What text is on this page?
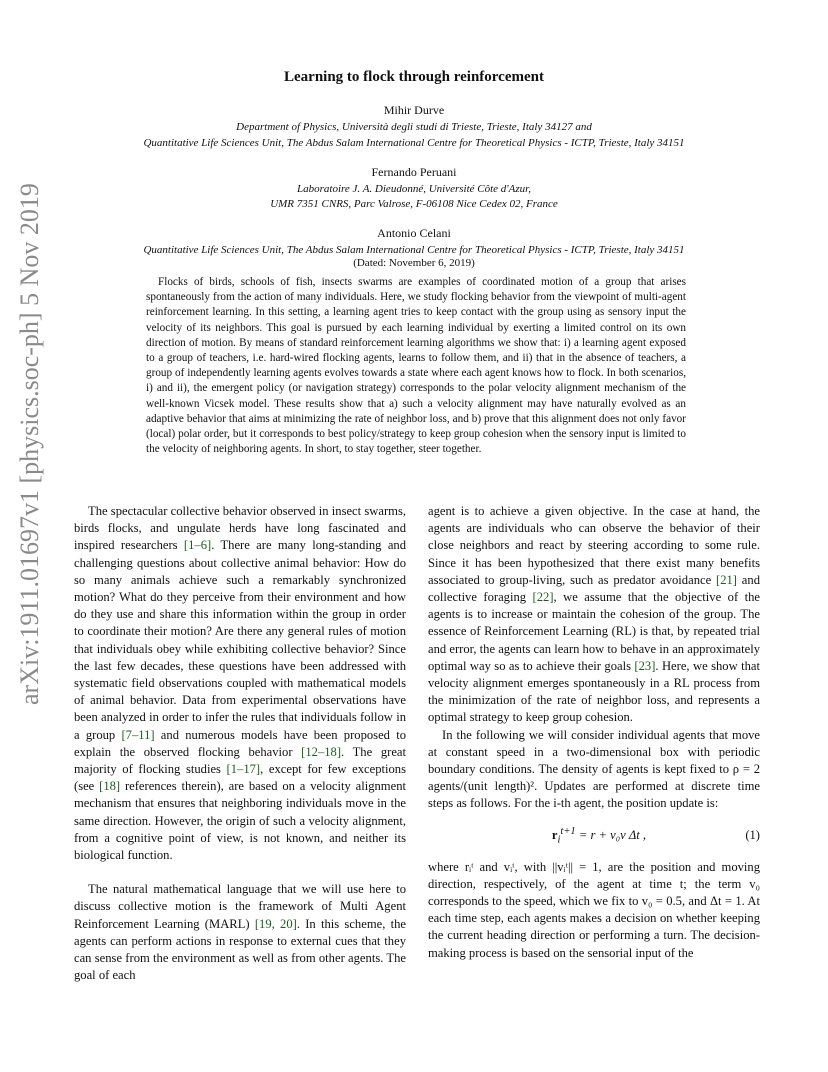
arXiv:1911.01697v1 [physics.soc-ph] 5 Nov 2019
Learning to flock through reinforcement
Mihir Durve
Department of Physics, Università degli studi di Trieste, Trieste, Italy 34127 and
Quantitative Life Sciences Unit, The Abdus Salam International Centre for Theoretical Physics - ICTP, Trieste, Italy 34151
Fernando Peruani
Laboratoire J. A. Dieudonné, Université Côte d'Azur,
UMR 7351 CNRS, Parc Valrose, F-06108 Nice Cedex 02, France
Antonio Celani
Quantitative Life Sciences Unit, The Abdus Salam International Centre for Theoretical Physics - ICTP, Trieste, Italy 34151
(Dated: November 6, 2019)
Flocks of birds, schools of fish, insects swarms are examples of coordinated motion of a group that arises spontaneously from the action of many individuals. Here, we study flocking behavior from the viewpoint of multi-agent reinforcement learning. In this setting, a learning agent tries to keep contact with the group using as sensory input the velocity of its neighbors. This goal is pursued by each learning individual by exerting a limited control on its own direction of motion. By means of standard reinforcement learning algorithms we show that: i) a learning agent exposed to a group of teachers, i.e. hard-wired flocking agents, learns to follow them, and ii) that in the absence of teachers, a group of independently learning agents evolves towards a state where each agent knows how to flock. In both scenarios, i) and ii), the emergent policy (or navigation strategy) corresponds to the polar velocity alignment mechanism of the well-known Vicsek model. These results show that a) such a velocity alignment may have naturally evolved as an adaptive behavior that aims at minimizing the rate of neighbor loss, and b) prove that this alignment does not only favor (local) polar order, but it corresponds to best policy/strategy to keep group cohesion when the sensory input is limited to the velocity of neighboring agents. In short, to stay together, steer together.

The spectacular collective behavior observed in insect swarms, birds flocks, and ungulate herds have long fascinated and inspired researchers [1–6]. There are many long-standing and challenging questions about collective animal behavior: How do so many animals achieve such a remarkably synchronized motion? What do they perceive from their environment and how do they use and share this information within the group in order to coordinate their motion? Are there any general rules of motion that individuals obey while exhibiting collective behavior? Since the last few decades, these questions have been addressed with systematic field observations coupled with mathematical models of animal behavior. Data from experimental observations have been analyzed in order to infer the rules that individuals follow in a group [7–11] and numerous models have been proposed to explain the observed flocking behavior [12–18]. The great majority of flocking studies [1–17], except for few exceptions (see [18] references therein), are based on a velocity alignment mechanism that ensures that neighboring individuals move in the same direction. However, the origin of such a velocity alignment, from a cognitive point of view, is not known, and neither its biological function.

The natural mathematical language that we will use here to discuss collective motion is the framework of Multi Agent Reinforcement Learning (MARL) [19, 20]. In this scheme, the agents can perform actions in response to external cues that they can sense from the environment as well as from other agents. The goal of each

agent is to achieve a given objective. In the case at hand, the agents are individuals who can observe the behavior of their close neighbors and react by steering according to some rule. Since it has been hypothesized that there exist many benefits associated to group-living, such as predator avoidance [21] and collective foraging [22], we assume that the objective of the agents is to increase or maintain the cohesion of the group. The essence of Reinforcement Learning (RL) is that, by repeated trial and error, the agents can learn how to behave in an approximately optimal way so as to achieve their goals [23]. Here, we show that velocity alignment emerges spontaneously in a RL process from the minimization of the rate of neighbor loss, and represents a optimal strategy to keep group cohesion.

In the following we will consider individual agents that move at constant speed in a two-dimensional box with periodic boundary conditions. The density of agents is kept fixed to ρ = 2 agents/(unit length)². Updates are performed at discrete time steps as follows. For the i-th agent, the position update is:

$r_i^{t+1} = r + v_0v$ Δt ,	(1)

where rᵢᵗ and vᵢᵗ, with ||vᵢᵗ|| = 1, are the position and moving direction, respectively, of the agent at time t; the term v₀ corresponds to the speed, which we fix to v₀ = 0.5, and Δt = 1. At each time step, each agents makes a decision on whether keeping the current heading direction or performing a turn. The decision-making process is based on the sensorial input of the
